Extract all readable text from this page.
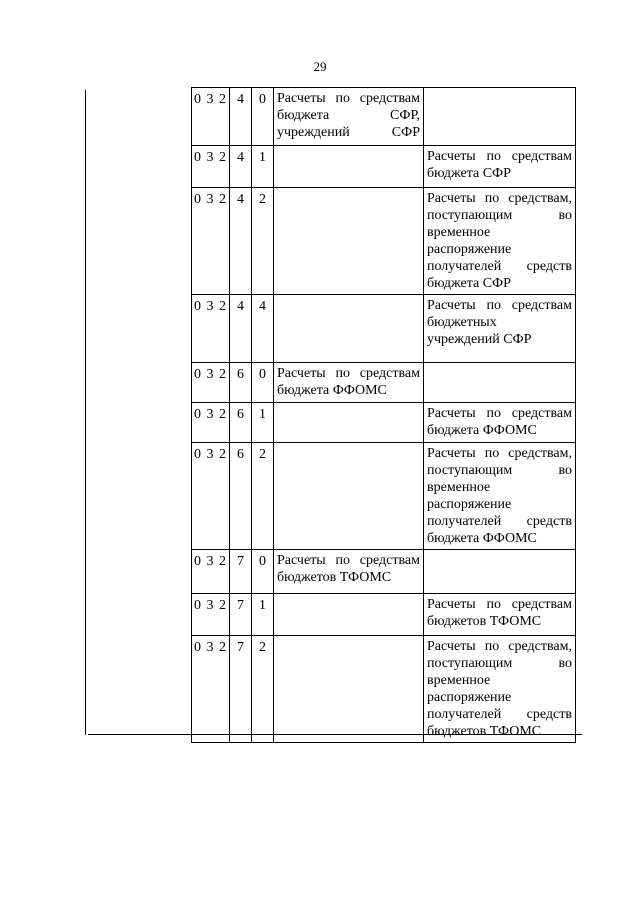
29
0 3 2	4	0	Расчеты по средствам бюджета СФР, учреждений СФР	
0 3 2	4	1		Расчеты по средствам бюджета СФР
0 3 2	4	2		Расчеты по средствам, поступающим во временное распоряжение получателей средств бюджета СФР
0 3 2	4	4		Расчеты по средствам бюджетных учреждений СФР
0 3 2	6	0	Расчеты по средствам бюджета ФФОМС	
0 3 2	6	1		Расчеты по средствам бюджета ФФОМС
0 3 2	6	2		Расчеты по средствам, поступающим во временное распоряжение получателей средств бюджета ФФОМС
0 3 2	7	0	Расчеты по средствам бюджетов ТФОМС	
0 3 2	7	1		Расчеты по средствам бюджетов ТФОМС
0 3 2	7	2		Расчеты по средствам, поступающим во временное распоряжение получателей средств бюджетов ТФОМС
